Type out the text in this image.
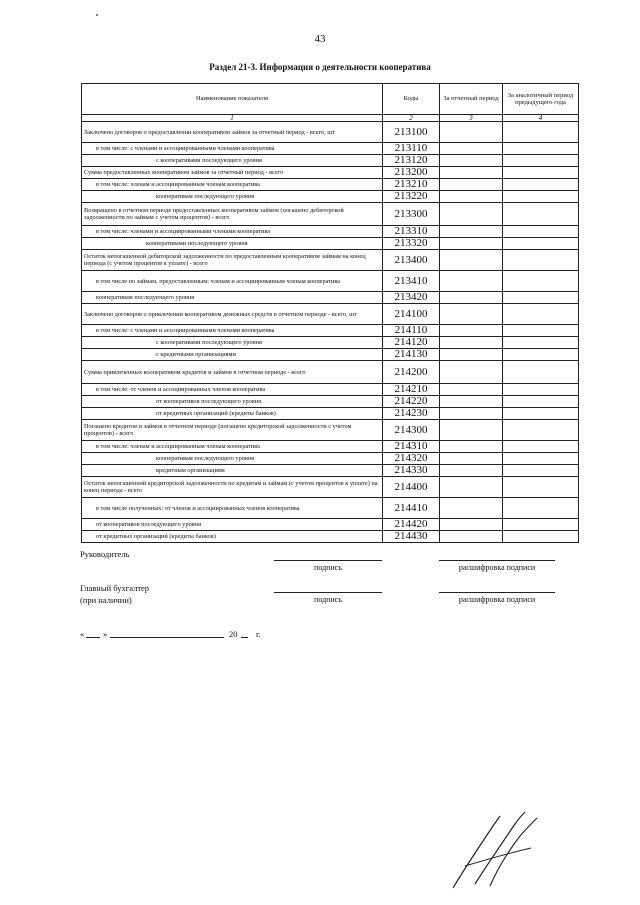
43
Раздел 21-3. Информация о деятельности кооператива
Наименование показателя	Коды	За отчетный период	За аналогичный период предыдущего года
1	2	3	4
Заключено договоров о предоставлении кооперативом займов за отчетный период - всего, шт	213100		
в том числе: с членами и ассоциированными членами кооператива	213110		
с кооперативами последующего уровня	213120		
Сумма предоставленных кооперативом займов за отчетный период - всего	213200		
в том числе: членам и ассоциированным членам кооператива	213210		
кооперативам последующего уровня	213220		
Возвращено в отчетном периоде предоставленных кооперативом займов (погашено дебиторской задолженности по займам с учетом процентов) - всего	213300		
в том числе: членами и ассоциированными членами кооператива	213310		
кооперативами последующего уровня	213320		
Остаток непогашенной дебиторской задолженности по предоставленным кооперативом займам на конец периода (с учетом процентов к уплате) - всего	213400		
в том числе по займам, предоставленным: членам и ассоциированным членам кооператива	213410		
кооперативам последующего уровня	213420		
Заключено договоров о привлечении кооперативом денежных средств в отчетном периоде - всего, шт	214100		
в том числе: с членами и ассоциированными членами кооператива	214110		
с кооперативами последующего уровня	214120		
с кредитными организациями	214130		
Сумма привлеченных кооперативом кредитов и займов в отчетном периоде - всего	214200		
в том числе: от членов и ассоциированных членов кооператива	214210		
от кооперативов последующего уровня	214220		
от кредитных организаций (кредиты банков)	214230		
Погашено кредитов и займов в отчетном периоде (погашено кредиторской задолженности с учетом процентов) - всего	214300		
в том числе: членам и ассоциированным членам кооператива	214310		
кооперативам последующего уровня	214320		
кредитным организациям	214330		
Остаток непогашенной кредиторской задолженности по кредитам и займам (с учетом процентов к уплате) на конец периода - всего	214400		
в том числе полученных: от членов и ассоциированных членов кооператива	214410		
от кооперативов последующего уровня	214420		
от кредитных организаций (кредиты банков)	214430		
Руководитель
подпись	расшифровка подписи
Главный бухгалтер
(при наличии)	подпись	расшифровка подписи
« »	20 г.
